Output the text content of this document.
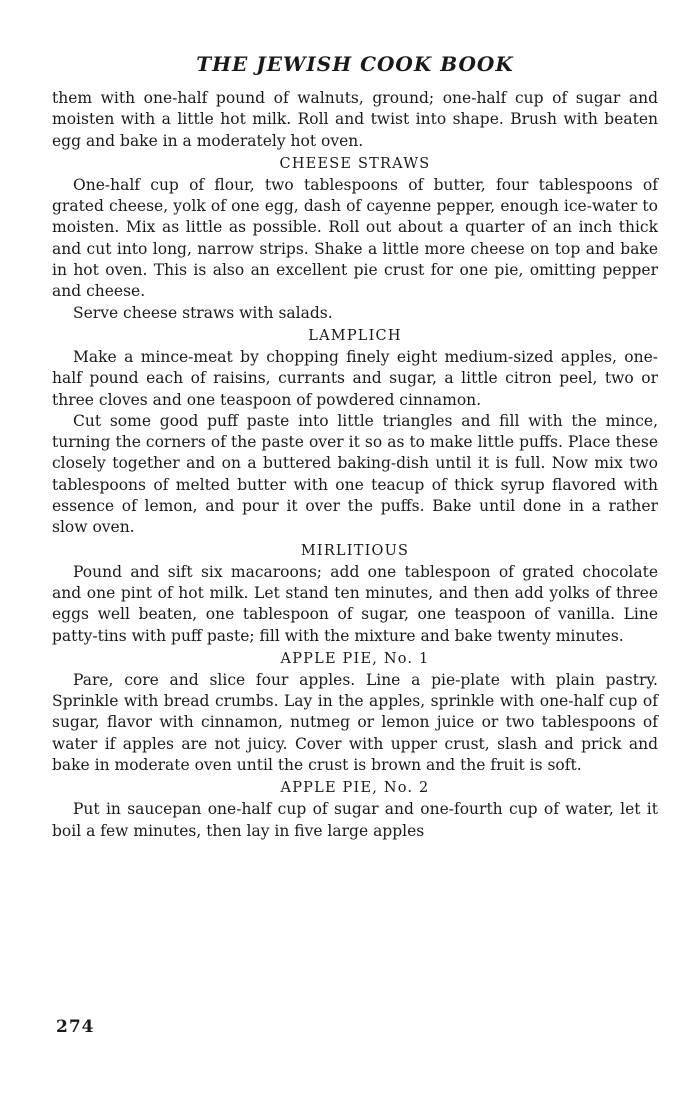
THE JEWISH COOK BOOK

them with one-half pound of walnuts, ground; one-half cup of sugar and moisten with a little hot milk. Roll and twist into shape. Brush with beaten egg and bake in a moderately hot oven.

CHEESE STRAWS

One-half cup of flour, two tablespoons of butter, four tablespoons of grated cheese, yolk of one egg, dash of cayenne pepper, enough ice-water to moisten. Mix as little as possible. Roll out about a quarter of an inch thick and cut into long, narrow strips. Shake a little more cheese on top and bake in hot oven. This is also an excellent pie crust for one pie, omitting pepper and cheese.

Serve cheese straws with salads.

LAMPLICH

Make a mince-meat by chopping finely eight medium-sized apples, one-half pound each of raisins, currants and sugar, a little citron peel, two or three cloves and one teaspoon of powdered cinnamon.

Cut some good puff paste into little triangles and fill with the mince, turning the corners of the paste over it so as to make little puffs. Place these closely together and on a buttered baking-dish until it is full. Now mix two tablespoons of melted butter with one teacup of thick syrup flavored with essence of lemon, and pour it over the puffs. Bake until done in a rather slow oven.

MIRLITIOUS

Pound and sift six macaroons; add one tablespoon of grated chocolate and one pint of hot milk. Let stand ten minutes, and then add yolks of three eggs well beaten, one tablespoon of sugar, one teaspoon of vanilla. Line patty-tins with puff paste; fill with the mixture and bake twenty minutes.

APPLE PIE, No. 1

Pare, core and slice four apples. Line a pie-plate with plain pastry. Sprinkle with bread crumbs. Lay in the apples, sprinkle with one-half cup of sugar, flavor with cinnamon, nutmeg or lemon juice or two tablespoons of water if apples are not juicy. Cover with upper crust, slash and prick and bake in moderate oven until the crust is brown and the fruit is soft.

APPLE PIE, No. 2

Put in saucepan one-half cup of sugar and one-fourth cup of water, let it boil a few minutes, then lay in five large apples

274
